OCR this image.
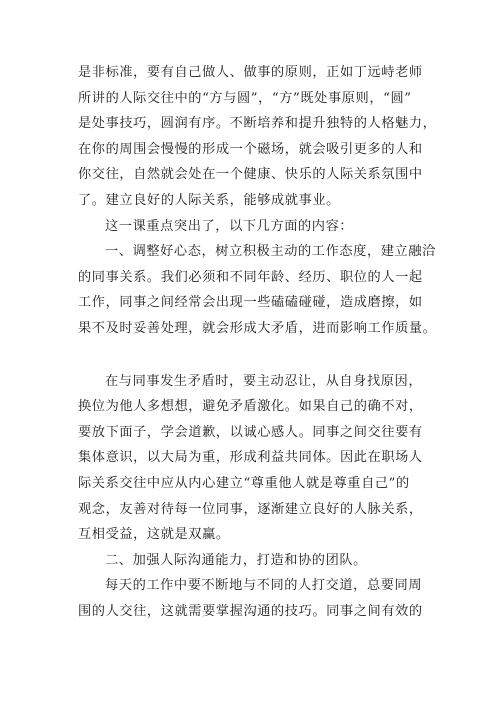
是非标准，要有自己做人、做事的原则，正如丁远峙老师
所讲的人际交往中的“方与圆”，“方”既处事原则，“圆”
是处事技巧，圆润有序。不断培养和提升独特的人格魅力，
在你的周围会慢慢的形成一个磁场，就会吸引更多的人和
你交往，自然就会处在一个健康、快乐的人际关系氛围中
了。建立良好的人际关系，能够成就事业。

这一课重点突出了，以下几方面的内容：

一、调整好心态，树立积极主动的工作态度，建立融洽
的同事关系。我们必须和不同年龄、经历、职位的人一起
工作，同事之间经常会出现一些磕磕碰碰，造成磨擦，如
果不及时妥善处理，就会形成大矛盾，进而影响工作质量。

在与同事发生矛盾时，要主动忍让，从自身找原因，
换位为他人多想想，避免矛盾激化。如果自己的确不对，
要放下面子，学会道歉，以诚心感人。同事之间交往要有
集体意识，以大局为重，形成利益共同体。因此在职场人
际关系交往中应从内心建立“尊重他人就是尊重自己”的
观念，友善对待每一位同事，逐渐建立良好的人脉关系，
互相受益，这就是双赢。

二、加强人际沟通能力，打造和协的团队。

每天的工作中要不断地与不同的人打交道，总要同周
围的人交往，这就需要掌握沟通的技巧。同事之间有效的
